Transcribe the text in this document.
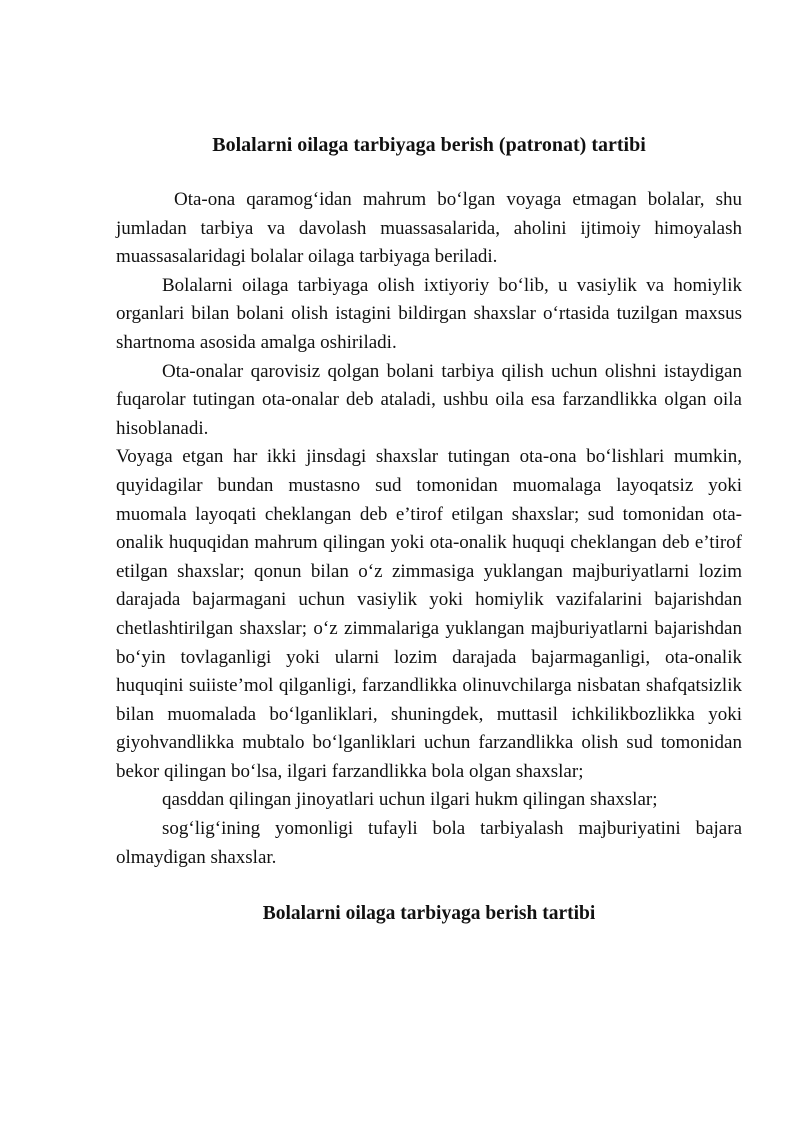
Bolalarni oilaga tarbiyaga berish (patronat) tartibi

Ota-ona qaramog‘idan mahrum bo‘lgan voyaga etmagan bolalar, shu jumladan tarbiya va davolash muassasalarida, aholini ijtimoiy himoyalash muassasalaridagi bolalar oilaga tarbiyaga beriladi.

Bolalarni oilaga tarbiyaga olish ixtiyoriy bo‘lib, u vasiylik va homiylik organlari bilan bolani olish istagini bildirgan shaxslar o‘rtasida tuzilgan maxsus shartnoma asosida amalga oshiriladi.

Ota-onalar qarovisiz qolgan bolani tarbiya qilish uchun olishni istaydigan fuqarolar tutingan ota-onalar deb ataladi, ushbu oila esa farzandlikka olgan oila hisoblanadi.

Voyaga etgan har ikki jinsdagi shaxslar tutingan ota-ona bo‘lishlari mumkin, quyidagilar bundan mustasno sud tomonidan muomalaga layoqatsiz yoki muomala layoqati cheklangan deb e’tirof etilgan shaxslar; sud tomonidan ota-onalik huquqidan mahrum qilingan yoki ota-onalik huquqi cheklangan deb e’tirof etilgan shaxslar; qonun bilan o‘z zimmasiga yuklangan majburiyatlarni lozim darajada bajarmagani uchun vasiylik yoki homiylik vazifalarini bajarishdan chetlashtirilgan shaxslar; o‘z zimmalariga yuklangan majburiyatlarni bajarishdan bo‘yin tovlaganligi yoki ularni lozim darajada bajarmaganligi, ota-onalik huquqini suiiste’mol qilganligi, farzandlikka olinuvchilarga nisbatan shafqatsizlik bilan muomalada bo‘lganliklari, shuningdek, muttasil ichkilikbozlikka yoki giyohvandlikka mubtalo bo‘lganliklari uchun farzandlikka olish sud tomonidan bekor qilingan bo‘lsa, ilgari farzandlikka bola olgan shaxslar;

qasddan qilingan jinoyatlari uchun ilgari hukm qilingan shaxslar;

sog‘lig‘ining yomonligi tufayli bola tarbiyalash majburiyatini bajara olmaydigan shaxslar.

Bolalarni oilaga tarbiyaga berish tartibi
